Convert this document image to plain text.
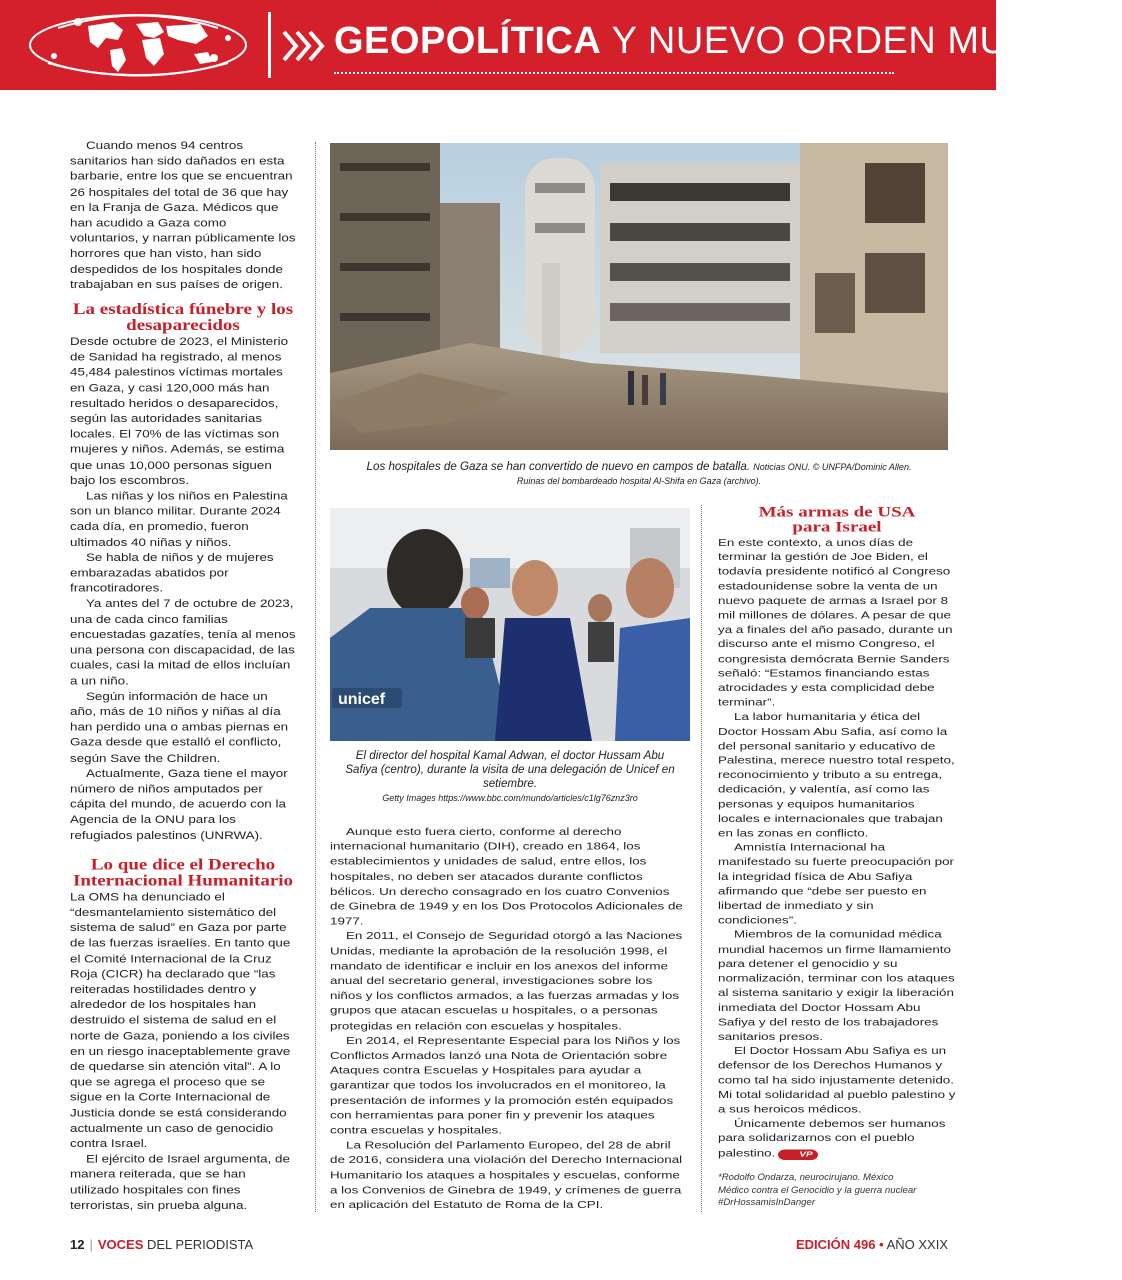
GEOPOLÍTICA Y NUEVO ORDEN MUNDIAL

Cuando menos 94 centros sanitarios han sido dañados en esta barbarie, entre los que se encuentran 26 hospitales del total de 36 que hay en la Franja de Gaza. Médicos que han acudido a Gaza como voluntarios, y narran públicamente los horrores que han visto, han sido despedidos de los hospitales donde trabajaban en sus países de origen.

La estadística fúnebre y los desaparecidos

Desde octubre de 2023, el Ministerio de Sanidad ha registrado, al menos 45,484 palestinos víctimas mortales en Gaza, y casi 120,000 más han resultado heridos o desaparecidos, según las autoridades sanitarias locales. El 70% de las víctimas son mujeres y niños. Además, se estima que unas 10,000 personas siguen bajo los escombros.

Las niñas y los niños en Palestina son un blanco militar. Durante 2024 cada día, en promedio, fueron ultimados 40 niñas y niños.

Se habla de niños y de mujeres embarazadas abatidos por francotiradores.

Ya antes del 7 de octubre de 2023, una de cada cinco familias encuestadas gazatíes, tenía al menos una persona con discapacidad, de las cuales, casi la mitad de ellos incluían a un niño.

Según información de hace un año, más de 10 niños y niñas al día han perdido una o ambas piernas en Gaza desde que estalló el conflicto, según Save the Children.

Actualmente, Gaza tiene el mayor número de niños amputados per cápita del mundo, de acuerdo con la Agencia de la ONU para los refugiados palestinos (UNRWA).

Lo que dice el Derecho Internacional Humanitario

La OMS ha denunciado el “desmantelamiento sistemático del sistema de salud” en Gaza por parte de las fuerzas israelíes. En tanto que el Comité Internacional de la Cruz Roja (CICR) ha declarado que “las reiteradas hostilidades dentro y alrededor de los hospitales han destruido el sistema de salud en el norte de Gaza, poniendo a los civiles en un riesgo inaceptablemente grave de quedarse sin atención vital”. A lo que se agrega el proceso que se sigue en la Corte Internacional de Justicia donde se está considerando actualmente un caso de genocidio contra Israel.

El ejército de Israel argumenta, de manera reiterada, que se han utilizado hospitales con fines terroristas, sin prueba alguna.

Los hospitales de Gaza se han convertido de nuevo en campos de batalla. Noticias ONU. © UNFPA/Dominic Allen.
Ruinas del bombardeado hospital Al-Shifa en Gaza (archivo).
unicef
El director del hospital Kamal Adwan, el doctor Hussam Abu Safiya (centro), durante la visita de una delegación de Unicef en setiembre.
Getty Images https://www.bbc.com/mundo/articles/c1lg76znz3ro

Aunque esto fuera cierto, conforme al derecho internacional humanitario (DIH), creado en 1864, los establecimientos y unidades de salud, entre ellos, los hospitales, no deben ser atacados durante conflictos bélicos. Un derecho consagrado en los cuatro Convenios de Ginebra de 1949 y en los Dos Protocolos Adicionales de 1977.

En 2011, el Consejo de Seguridad otorgó a las Naciones Unidas, mediante la aprobación de la resolución 1998, el mandato de identificar e incluir en los anexos del informe anual del secretario general, investigaciones sobre los niños y los conflictos armados, a las fuerzas armadas y los grupos que atacan escuelas u hospitales, o a personas protegidas en relación con escuelas y hospitales.

En 2014, el Representante Especial para los Niños y los Conflictos Armados lanzó una Nota de Orientación sobre Ataques contra Escuelas y Hospitales para ayudar a garantizar que todos los involucrados en el monitoreo, la presentación de informes y la promoción estén equipados con herramientas para poner fin y prevenir los ataques contra escuelas y hospitales.

La Resolución del Parlamento Europeo, del 28 de abril de 2016, considera una violación del Derecho Internacional Humanitario los ataques a hospitales y escuelas, conforme a los Convenios de Ginebra de 1949, y crímenes de guerra en aplicación del Estatuto de Roma de la CPI.

Más armas de USA para Israel

En este contexto, a unos días de terminar la gestión de Joe Biden, el todavía presidente notificó al Congreso estadounidense sobre la venta de un nuevo paquete de armas a Israel por 8 mil millones de dólares. A pesar de que ya a finales del año pasado, durante un discurso ante el mismo Congreso, el congresista demócrata Bernie Sanders señaló: “Estamos financiando estas atrocidades y esta complicidad debe terminar”.

La labor humanitaria y ética del Doctor Hossam Abu Safia, así como la del personal sanitario y educativo de Palestina, merece nuestro total respeto, reconocimiento y tributo a su entrega, dedicación, y valentía, así como las personas y equipos humanitarios locales e internacionales que trabajan en las zonas en conflicto.

Amnistía Internacional ha manifestado su fuerte preocupación por la integridad física de Abu Safiya afirmando que “debe ser puesto en libertad de inmediato y sin condiciones”.

Miembros de la comunidad médica mundial hacemos un firme llamamiento para detener el genocidio y su normalización, terminar con los ataques al sistema sanitario y exigir la liberación inmediata del Doctor Hossam Abu Safiya y del resto de los trabajadores sanitarios presos.

El Doctor Hossam Abu Safiya es un defensor de los Derechos Humanos y como tal ha sido injustamente detenido. Mi total solidaridad al pueblo palestino y a sus heroicos médicos.

Únicamente debemos ser humanos para solidarizarnos con el pueblo palestino. VP

*Rodolfo Ondarza, neurocirujano. México
Médico contra el Genocidio y la guerra nuclear
#DrHossamisInDanger
12 | VOCES DEL PERIODISTA	EDICIÓN 496 • AÑO XXIX
